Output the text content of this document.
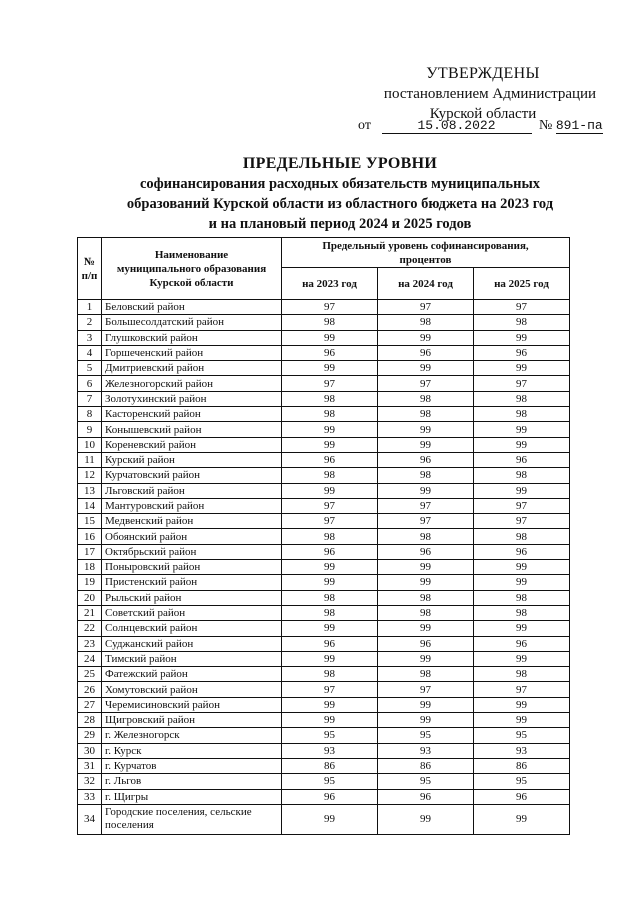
УТВЕРЖДЕНЫ
постановлением Администрации
Курской области
от	15.08.2022	№ 891-па
ПРЕДЕЛЬНЫЕ УРОВНИ
софинансирования расходных обязательств муниципальных
образований Курской области из областного бюджета на 2023 год
и на плановый период 2024 и 2025 годов
№ п/п	Наименование муниципального образования Курской области	Предельный уровень софинансирования, процентов		
		на 2023 год	на 2024 год	на 2025 год
1	Беловский район	97	97	97
2	Большесолдатский район	98	98	98
3	Глушковский район	99	99	99
4	Горшеченский район	96	96	96
5	Дмитриевский район	99	99	99
6	Железногорский район	97	97	97
7	Золотухинский район	98	98	98
8	Касторенский район	98	98	98
9	Конышевский район	99	99	99
10	Кореневский район	99	99	99
11	Курский район	96	96	96
12	Курчатовский район	98	98	98
13	Льговский район	99	99	99
14	Мантуровский район	97	97	97
15	Медвенский район	97	97	97
16	Обоянский район	98	98	98
17	Октябрьский район	96	96	96
18	Поныровский район	99	99	99
19	Пристенский район	99	99	99
20	Рыльский район	98	98	98
21	Советский район	98	98	98
22	Солнцевский район	99	99	99
23	Суджанский район	96	96	96
24	Тимский район	99	99	99
25	Фатежский район	98	98	98
26	Хомутовский район	97	97	97
27	Черемисиновский район	99	99	99
28	Щигровский район	99	99	99
29	г. Железногорск	95	95	95
30	г. Курск	93	93	93
31	г. Курчатов	86	86	86
32	г. Льгов	95	95	95
33	г. Щигры	96	96	96
34	Городские поселения, сельские поселения	99	99	99
